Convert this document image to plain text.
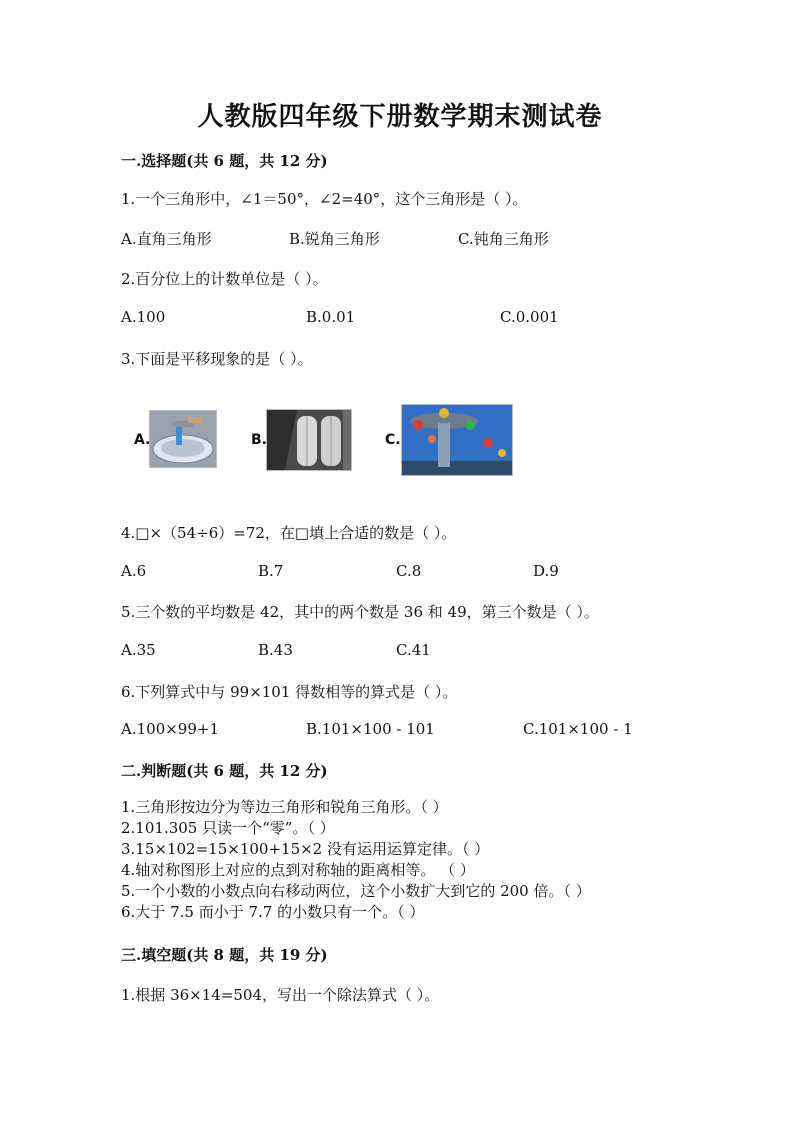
人教版四年级下册数学期末测试卷
一.选择题(共 6 题，共 12 分)
1.一个三角形中，∠1＝50°，∠2=40°，这个三角形是（ ）。
A.直角三角形	B.锐角三角形	C.钝角三角形
2.百分位上的计数单位是（ ）。
A.100	B.0.01	C.0.001
3.下面是平移现象的是（ ）。
A.	B.	C.
4.□×（54÷6）=72，在□填上合适的数是（ ）。
A.6	B.7	C.8	D.9
5.三个数的平均数是 42，其中的两个数是 36 和 49，第三个数是（ ）。
A.35	B.43	C.41
6.下列算式中与 99×101 得数相等的算式是（ ）。
A.100×99+1	B.101×100 - 101	C.101×100 - 1
二.判断题(共 6 题，共 12 分)
1.三角形按边分为等边三角形和锐角三角形。（ ）
2.101.305 只读一个“零”。（ ）
3.15×102=15×100+15×2 没有运用运算定律。（ ）
4.轴对称图形上对应的点到对称轴的距离相等。 （ ）
5.一个小数的小数点向右移动两位，这个小数扩大到它的 200 倍。（ ）
6.大于 7.5 而小于 7.7 的小数只有一个。（ ）
三.填空题(共 8 题，共 19 分)
1.根据 36×14=504，写出一个除法算式（ ）。
